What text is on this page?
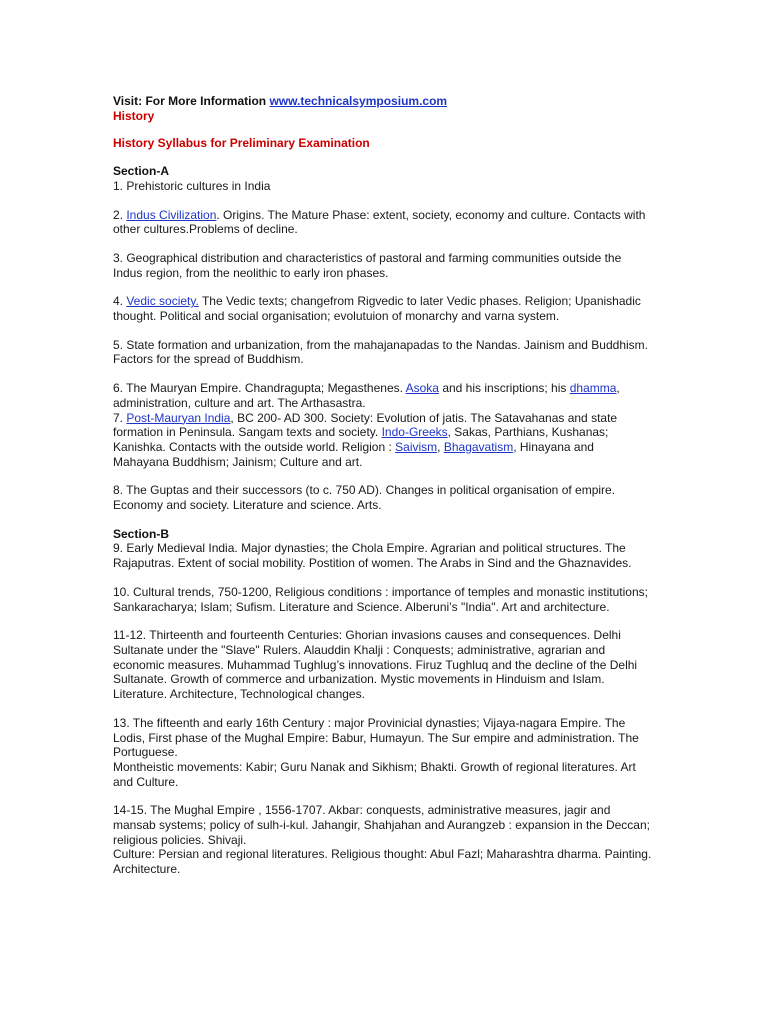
Visit: For More Information www.technicalsymposium.com

History

History Syllabus for Preliminary Examination

Section-A

1. Prehistoric cultures in India

2. Indus Civilization. Origins. The Mature Phase: extent, society, economy and culture. Contacts with other cultures.Problems of decline.

3. Geographical distribution and characteristics of pastoral and farming communities outside the Indus region, from the neolithic to early iron phases.

4. Vedic society. The Vedic texts; changefrom Rigvedic to later Vedic phases. Religion; Upanishadic thought. Political and social organisation; evolutuion of monarchy and varna system.

5. State formation and urbanization, from the mahajanapadas to the Nandas. Jainism and Buddhism. Factors for the spread of Buddhism.

6. The Mauryan Empire. Chandragupta; Megasthenes. Asoka and his inscriptions; his dhamma, administration, culture and art. The Arthasastra.

7. Post-Mauryan India, BC 200- AD 300. Society: Evolution of jatis. The Satavahanas and state formation in Peninsula. Sangam texts and society. Indo-Greeks, Sakas, Parthians, Kushanas; Kanishka. Contacts with the outside world. Religion : Saivism, Bhagavatism, Hinayana and Mahayana Buddhism; Jainism; Culture and art.

8. The Guptas and their successors (to c. 750 AD). Changes in political organisation of empire. Economy and society. Literature and science. Arts.

Section-B

9. Early Medieval India. Major dynasties; the Chola Empire. Agrarian and political structures. The Rajaputras. Extent of social mobility. Postition of women. The Arabs in Sind and the Ghaznavides.

10. Cultural trends, 750-1200, Religious conditions : importance of temples and monastic institutions; Sankaracharya; Islam; Sufism. Literature and Science. Alberuni’s "India". Art and architecture.

11-12. Thirteenth and fourteenth Centuries: Ghorian invasions causes and consequences. Delhi Sultanate under the "Slave" Rulers. Alauddin Khalji : Conquests; administrative, agrarian and economic measures. Muhammad Tughlug’s innovations. Firuz Tughluq and the decline of the Delhi Sultanate. Growth of commerce and urbanization. Mystic movements in Hinduism and Islam. Literature. Architecture, Technological changes.

13. The fifteenth and early 16th Century : major Provinicial dynasties; Vijaya-nagara Empire. The Lodis, First phase of the Mughal Empire: Babur, Humayun. The Sur empire and administration. The Portuguese.

Montheistic movements: Kabir; Guru Nanak and Sikhism; Bhakti. Growth of regional literatures. Art and Culture.

14-15. The Mughal Empire , 1556-1707. Akbar: conquests, administrative measures, jagir and mansab systems; policy of sulh-i-kul. Jahangir, Shahjahan and Aurangzeb : expansion in the Deccan; religious policies. Shivaji.

Culture: Persian and regional literatures. Religious thought: Abul Fazl; Maharashtra dharma. Painting. Architecture.
